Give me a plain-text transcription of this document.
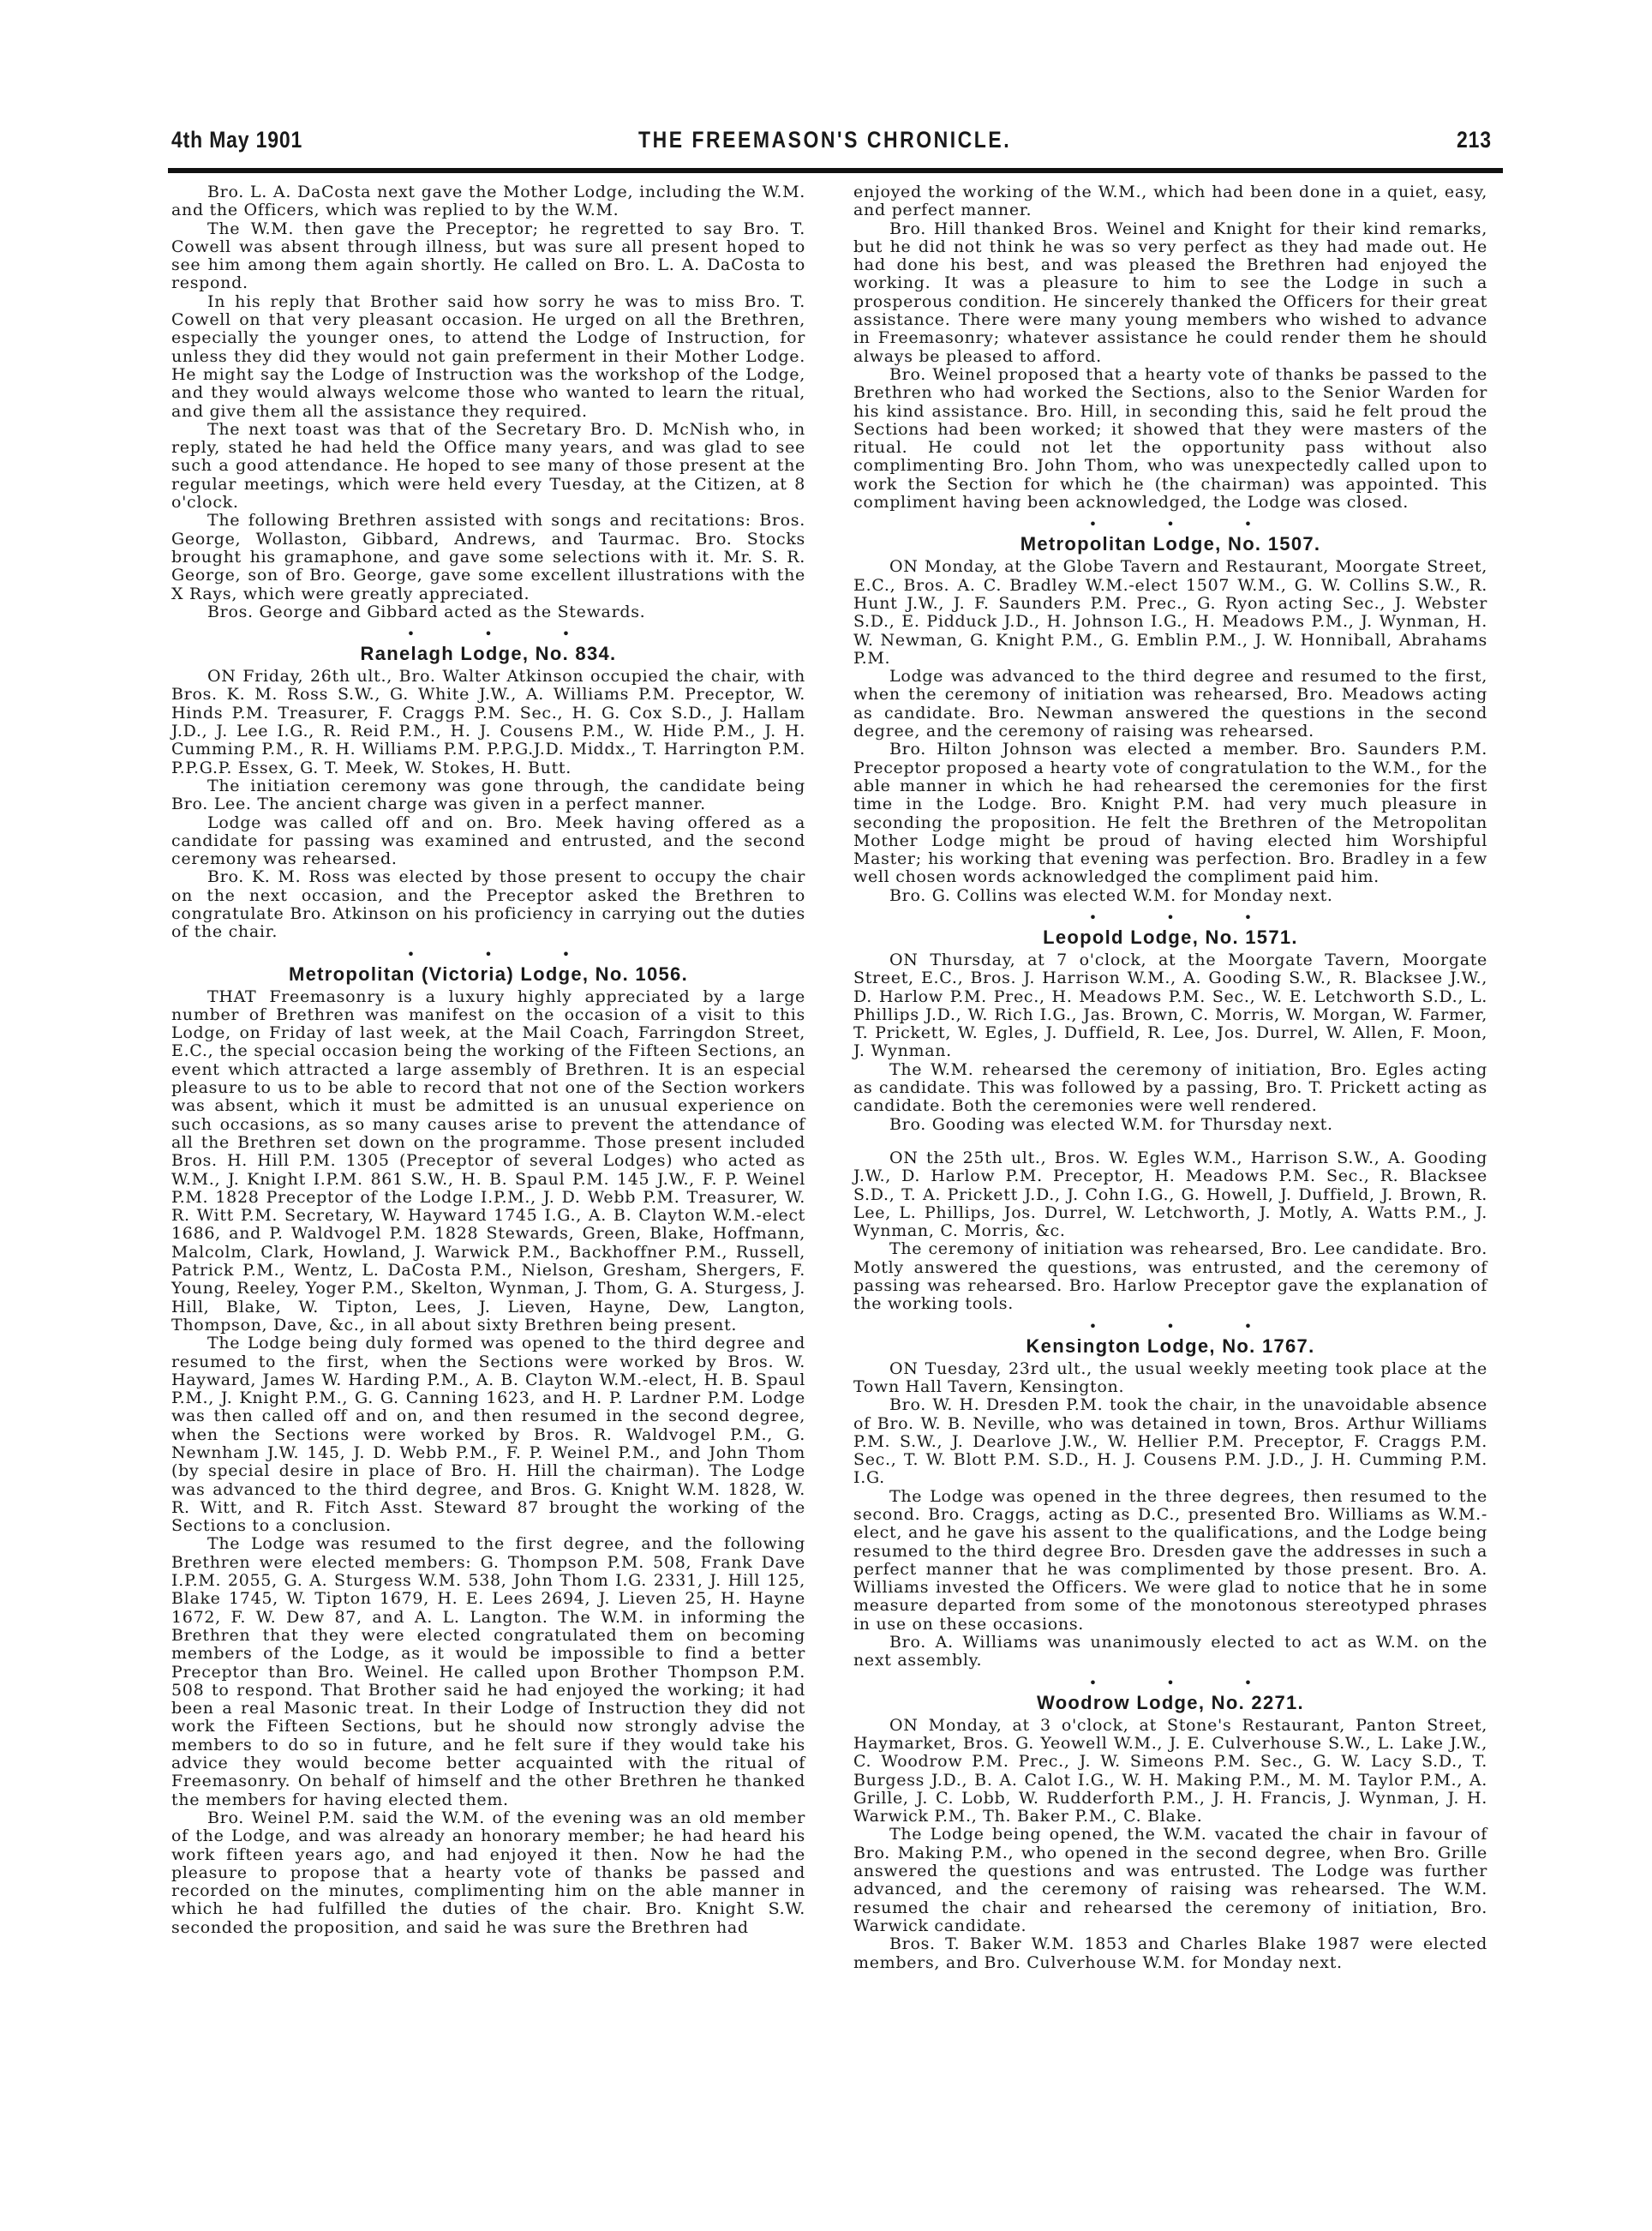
4th May 1901	THE FREEMASON'S CHRONICLE.	213
Bro. L. A. DaCosta next gave the Mother Lodge, including the W.M. and the Officers, which was replied to by the W.M.
The W.M. then gave the Preceptor; he regretted to say Bro. T. Cowell was absent through illness, but was sure all present hoped to see him among them again shortly. He called on Bro. L. A. DaCosta to respond.
In his reply that Brother said how sorry he was to miss Bro. T. Cowell on that very pleasant occasion. He urged on all the Brethren, especially the younger ones, to attend the Lodge of Instruction, for unless they did they would not gain preferment in their Mother Lodge. He might say the Lodge of Instruction was the workshop of the Lodge, and they would always welcome those who wanted to learn the ritual, and give them all the assistance they required.
The next toast was that of the Secretary Bro. D. McNish who, in reply, stated he had held the Office many years, and was glad to see such a good attendance. He hoped to see many of those present at the regular meetings, which were held every Tuesday, at the Citizen, at 8 o'clock.
The following Brethren assisted with songs and recitations: Bros. George, Wollaston, Gibbard, Andrews, and Taurmac. Bro. Stocks brought his gramaphone, and gave some selections with it. Mr. S. R. George, son of Bro. George, gave some excellent illustrations with the X Rays, which were greatly appreciated.
Bros. George and Gibbard acted as the Stewards.
• • •
Ranelagh Lodge, No. 834.
ON Friday, 26th ult., Bro. Walter Atkinson occupied the chair, with Bros. K. M. Ross S.W., G. White J.W., A. Williams P.M. Preceptor, W. Hinds P.M. Treasurer, F. Craggs P.M. Sec., H. G. Cox S.D., J. Hallam J.D., J. Lee I.G., R. Reid P.M., H. J. Cousens P.M., W. Hide P.M., J. H. Cumming P.M., R. H. Williams P.M. P.P.G.J.D. Middx., T. Harrington P.M. P.P.G.P. Essex, G. T. Meek, W. Stokes, H. Butt.
The initiation ceremony was gone through, the candidate being Bro. Lee. The ancient charge was given in a perfect manner.
Lodge was called off and on. Bro. Meek having offered as a candidate for passing was examined and entrusted, and the second ceremony was rehearsed.
Bro. K. M. Ross was elected by those present to occupy the chair on the next occasion, and the Preceptor asked the Brethren to congratulate Bro. Atkinson on his proficiency in carrying out the duties of the chair.
• • •
Metropolitan (Victoria) Lodge, No. 1056.
THAT Freemasonry is a luxury highly appreciated by a large number of Brethren was manifest on the occasion of a visit to this Lodge, on Friday of last week, at the Mail Coach, Farringdon Street, E.C., the special occasion being the working of the Fifteen Sections, an event which attracted a large assembly of Brethren. It is an especial pleasure to us to be able to record that not one of the Section workers was absent, which it must be admitted is an unusual experience on such occasions, as so many causes arise to prevent the attendance of all the Brethren set down on the programme. Those present included Bros. H. Hill P.M. 1305 (Preceptor of several Lodges) who acted as W.M., J. Knight I.P.M. 861 S.W., H. B. Spaul P.M. 145 J.W., F. P. Weinel P.M. 1828 Preceptor of the Lodge I.P.M., J. D. Webb P.M. Treasurer, W. R. Witt P.M. Secretary, W. Hayward 1745 I.G., A. B. Clayton W.M.-elect 1686, and P. Waldvogel P.M. 1828 Stewards, Green, Blake, Hoffmann, Malcolm, Clark, Howland, J. Warwick P.M., Backhoffner P.M., Russell, Patrick P.M., Wentz, L. DaCosta P.M., Nielson, Gresham, Shergers, F. Young, Reeley, Yoger P.M., Skelton, Wynman, J. Thom, G. A. Sturgess, J. Hill, Blake, W. Tipton, Lees, J. Lieven, Hayne, Dew, Langton, Thompson, Dave, &c., in all about sixty Brethren being present.
The Lodge being duly formed was opened to the third degree and resumed to the first, when the Sections were worked by Bros. W. Hayward, James W. Harding P.M., A. B. Clayton W.M.-elect, H. B. Spaul P.M., J. Knight P.M., G. G. Canning 1623, and H. P. Lardner P.M. Lodge was then called off and on, and then resumed in the second degree, when the Sections were worked by Bros. R. Waldvogel P.M., G. Newnham J.W. 145, J. D. Webb P.M., F. P. Weinel P.M., and John Thom (by special desire in place of Bro. H. Hill the chairman). The Lodge was advanced to the third degree, and Bros. G. Knight W.M. 1828, W. R. Witt, and R. Fitch Asst. Steward 87 brought the working of the Sections to a conclusion.
The Lodge was resumed to the first degree, and the following Brethren were elected members: G. Thompson P.M. 508, Frank Dave I.P.M. 2055, G. A. Sturgess W.M. 538, John Thom I.G. 2331, J. Hill 125, Blake 1745, W. Tipton 1679, H. E. Lees 2694, J. Lieven 25, H. Hayne 1672, F. W. Dew 87, and A. L. Langton. The W.M. in informing the Brethren that they were elected congratulated them on becoming members of the Lodge, as it would be impossible to find a better Preceptor than Bro. Weinel. He called upon Brother Thompson P.M. 508 to respond. That Brother said he had enjoyed the working; it had been a real Masonic treat. In their Lodge of Instruction they did not work the Fifteen Sections, but he should now strongly advise the members to do so in future, and he felt sure if they would take his advice they would become better acquainted with the ritual of Freemasonry. On behalf of himself and the other Brethren he thanked the members for having elected them.
Bro. Weinel P.M. said the W.M. of the evening was an old member of the Lodge, and was already an honorary member; he had heard his work fifteen years ago, and had enjoyed it then. Now he had the pleasure to propose that a hearty vote of thanks be passed and recorded on the minutes, complimenting him on the able manner in which he had fulfilled the duties of the chair. Bro. Knight S.W. seconded the proposition, and said he was sure the Brethren had
enjoyed the working of the W.M., which had been done in a quiet, easy, and perfect manner.
Bro. Hill thanked Bros. Weinel and Knight for their kind remarks, but he did not think he was so very perfect as they had made out. He had done his best, and was pleased the Brethren had enjoyed the working. It was a pleasure to him to see the Lodge in such a prosperous condition. He sincerely thanked the Officers for their great assistance. There were many young members who wished to advance in Freemasonry; whatever assistance he could render them he should always be pleased to afford.
Bro. Weinel proposed that a hearty vote of thanks be passed to the Brethren who had worked the Sections, also to the Senior Warden for his kind assistance. Bro. Hill, in seconding this, said he felt proud the Sections had been worked; it showed that they were masters of the ritual. He could not let the opportunity pass without also complimenting Bro. John Thom, who was unexpectedly called upon to work the Section for which he (the chairman) was appointed. This compliment having been acknowledged, the Lodge was closed.
• • •
Metropolitan Lodge, No. 1507.
ON Monday, at the Globe Tavern and Restaurant, Moorgate Street, E.C., Bros. A. C. Bradley W.M.-elect 1507 W.M., G. W. Collins S.W., R. Hunt J.W., J. F. Saunders P.M. Prec., G. Ryon acting Sec., J. Webster S.D., E. Pidduck J.D., H. Johnson I.G., H. Meadows P.M., J. Wynman, H. W. Newman, G. Knight P.M., G. Emblin P.M., J. W. Honniball, Abrahams P.M.
Lodge was advanced to the third degree and resumed to the first, when the ceremony of initiation was rehearsed, Bro. Meadows acting as candidate. Bro. Newman answered the questions in the second degree, and the ceremony of raising was rehearsed.
Bro. Hilton Johnson was elected a member. Bro. Saunders P.M. Preceptor proposed a hearty vote of congratulation to the W.M., for the able manner in which he had rehearsed the ceremonies for the first time in the Lodge. Bro. Knight P.M. had very much pleasure in seconding the proposition. He felt the Brethren of the Metropolitan Mother Lodge might be proud of having elected him Worshipful Master; his working that evening was perfection. Bro. Bradley in a few well chosen words acknowledged the compliment paid him.
Bro. G. Collins was elected W.M. for Monday next.
• • •
Leopold Lodge, No. 1571.
ON Thursday, at 7 o'clock, at the Moorgate Tavern, Moorgate Street, E.C., Bros. J. Harrison W.M., A. Gooding S.W., R. Blacksee J.W., D. Harlow P.M. Prec., H. Meadows P.M. Sec., W. E. Letchworth S.D., L. Phillips J.D., W. Rich I.G., Jas. Brown, C. Morris, W. Morgan, W. Farmer, T. Prickett, W. Egles, J. Duffield, R. Lee, Jos. Durrel, W. Allen, F. Moon, J. Wynman.
The W.M. rehearsed the ceremony of initiation, Bro. Egles acting as candidate. This was followed by a passing, Bro. T. Prickett acting as candidate. Both the ceremonies were well rendered.
Bro. Gooding was elected W.M. for Thursday next.
ON the 25th ult., Bros. W. Egles W.M., Harrison S.W., A. Gooding J.W., D. Harlow P.M. Preceptor, H. Meadows P.M. Sec., R. Blacksee S.D., T. A. Prickett J.D., J. Cohn I.G., G. Howell, J. Duffield, J. Brown, R. Lee, L. Phillips, Jos. Durrel, W. Letchworth, J. Motly, A. Watts P.M., J. Wynman, C. Morris, &c.
The ceremony of initiation was rehearsed, Bro. Lee candidate. Bro. Motly answered the questions, was entrusted, and the ceremony of passing was rehearsed. Bro. Harlow Preceptor gave the explanation of the working tools.
• • •
Kensington Lodge, No. 1767.
ON Tuesday, 23rd ult., the usual weekly meeting took place at the Town Hall Tavern, Kensington.
Bro. W. H. Dresden P.M. took the chair, in the unavoidable absence of Bro. W. B. Neville, who was detained in town, Bros. Arthur Williams P.M. S.W., J. Dearlove J.W., W. Hellier P.M. Preceptor, F. Craggs P.M. Sec., T. W. Blott P.M. S.D., H. J. Cousens P.M. J.D., J. H. Cumming P.M. I.G.
The Lodge was opened in the three degrees, then resumed to the second. Bro. Craggs, acting as D.C., presented Bro. Williams as W.M.-elect, and he gave his assent to the qualifications, and the Lodge being resumed to the third degree Bro. Dresden gave the addresses in such a perfect manner that he was complimented by those present. Bro. A. Williams invested the Officers. We were glad to notice that he in some measure departed from some of the monotonous stereotyped phrases in use on these occasions.
Bro. A. Williams was unanimously elected to act as W.M. on the next assembly.
• • •
Woodrow Lodge, No. 2271.
ON Monday, at 3 o'clock, at Stone's Restaurant, Panton Street, Haymarket, Bros. G. Yeowell W.M., J. E. Culverhouse S.W., L. Lake J.W., C. Woodrow P.M. Prec., J. W. Simeons P.M. Sec., G. W. Lacy S.D., T. Burgess J.D., B. A. Calot I.G., W. H. Making P.M., M. M. Taylor P.M., A. Grille, J. C. Lobb, W. Rudderforth P.M., J. H. Francis, J. Wynman, J. H. Warwick P.M., Th. Baker P.M., C. Blake.
The Lodge being opened, the W.M. vacated the chair in favour of Bro. Making P.M., who opened in the second degree, when Bro. Grille answered the questions and was entrusted. The Lodge was further advanced, and the ceremony of raising was rehearsed. The W.M. resumed the chair and rehearsed the ceremony of initiation, Bro. Warwick candidate.
Bros. T. Baker W.M. 1853 and Charles Blake 1987 were elected members, and Bro. Culverhouse W.M. for Monday next.
